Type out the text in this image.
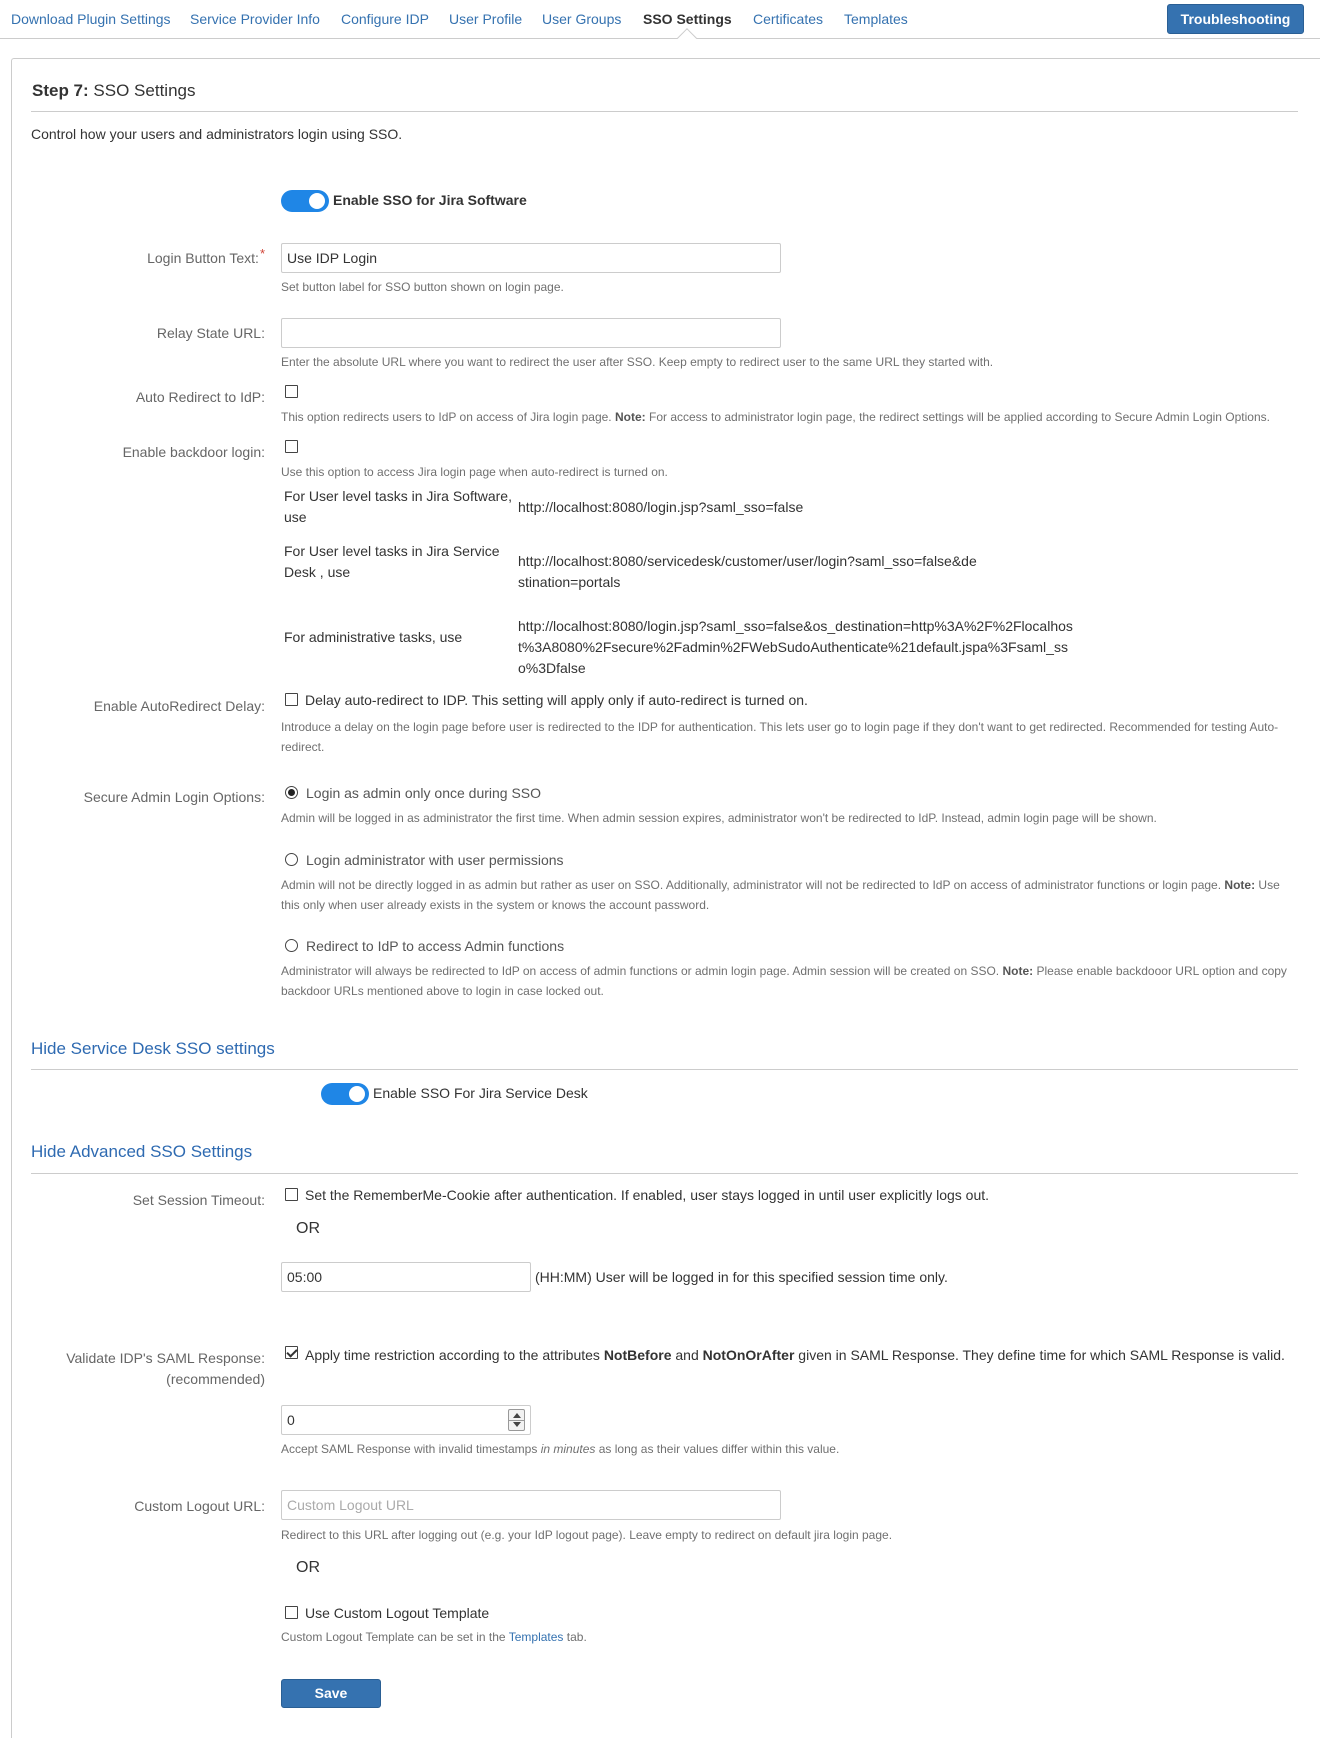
Download Plugin Settings Service Provider Info Configure IDP User Profile User Groups SSO Settings Certificates Templates	Troubleshooting
Step 7: SSO Settings
Control how your users and administrators login using SSO.
Enable SSO for Jira Software
Login Button Text:*
Use IDP Login
Set button label for SSO button shown on login page.
Relay State URL:
Enter the absolute URL where you want to redirect the user after SSO. Keep empty to redirect user to the same URL they started with.
Auto Redirect to IdP:
This option redirects users to IdP on access of Jira login page. Note: For access to administrator login page, the redirect settings will be applied according to Secure Admin Login Options.
Enable backdoor login:
Use this option to access Jira login page when auto-redirect is turned on.
For User level tasks in Jira Software, use
http://localhost:8080/login.jsp?saml_sso=false
For User level tasks in Jira Service Desk , use
http://localhost:8080/servicedesk/customer/user/login?saml_sso=false&destination=portals
For administrative tasks, use
http://localhost:8080/login.jsp?saml_sso=false&os_destination=http%3A%2F%2Flocalhost%3A8080%2Fsecure%2Fadmin%2FWebSudoAuthenticate%21default.jspa%3Fsaml_sso%3Dfalse
Enable AutoRedirect Delay:	Delay auto-redirect to IDP. This setting will apply only if auto-redirect is turned on.
Introduce a delay on the login page before user is redirected to the IDP for authentication. This lets user go to login page if they don't want to get redirected. Recommended for testing Auto-redirect.
Secure Admin Login Options:	Login as admin only once during SSO
Admin will be logged in as administrator the first time. When admin session expires, administrator won't be redirected to IdP. Instead, admin login page will be shown.
Login administrator with user permissions
Admin will not be directly logged in as admin but rather as user on SSO. Additionally, administrator will not be redirected to IdP on access of administrator functions or login page. Note: Use this only when user already exists in the system or knows the account password.
Redirect to IdP to access Admin functions
Administrator will always be redirected to IdP on access of admin functions or admin login page. Admin session will be created on SSO. Note: Please enable backdooor URL option and copy backdoor URLs mentioned above to login in case locked out.
Hide Service Desk SSO settings
Enable SSO For Jira Service Desk
Hide Advanced SSO Settings
Set Session Timeout:	Set the RememberMe-Cookie after authentication. If enabled, user stays logged in until user explicitly logs out.
OR
05:00
(HH:MM) User will be logged in for this specified session time only.
Validate IDP's SAML Response:
(recommended)
Apply time restriction according to the attributes NotBefore and NotOnOrAfter given in SAML Response. They define time for which SAML Response is valid.
0
Accept SAML Response with invalid timestamps in minutes as long as their values differ within this value.
Custom Logout URL:
Custom Logout URL
Redirect to this URL after logging out (e.g. your IdP logout page). Leave empty to redirect on default jira login page.
OR
Use Custom Logout Template
Custom Logout Template can be set in the Templates tab.
Save
